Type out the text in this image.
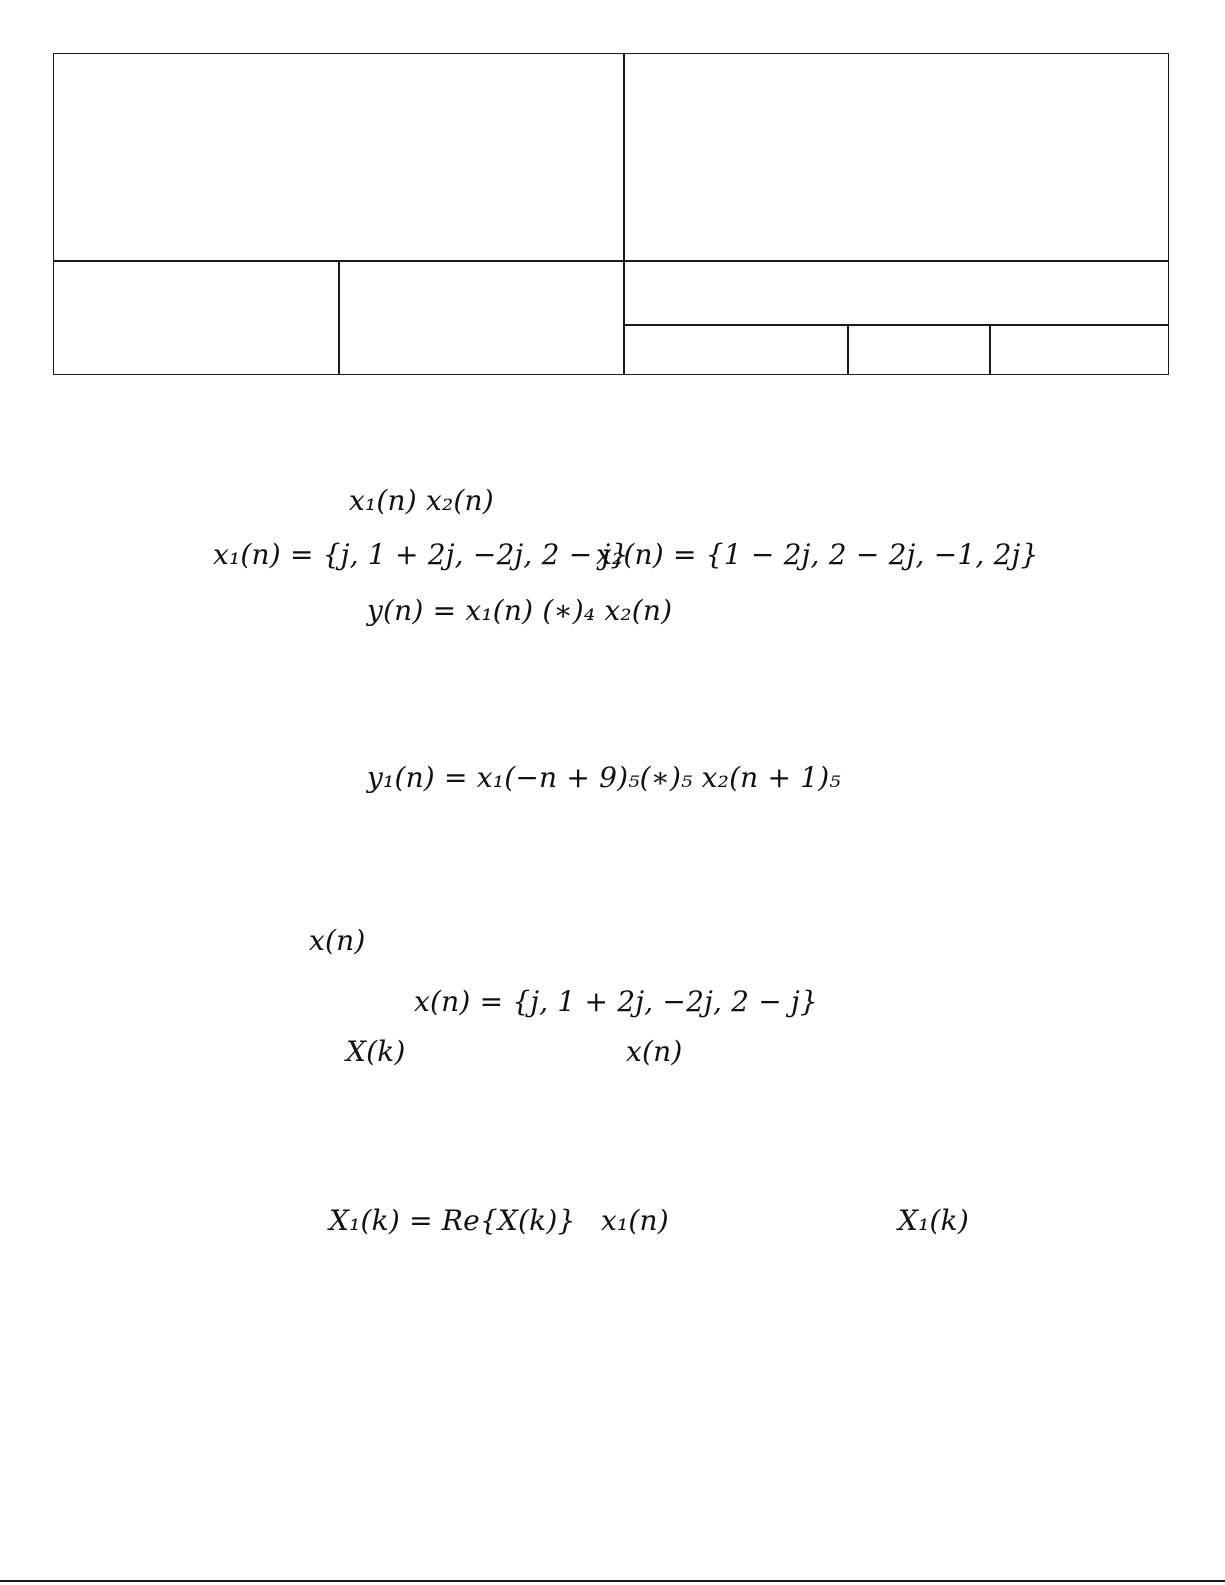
x₁(n) x₂(n)
x₁(n) = {j, 1 + 2j, −2j, 2 − j}
x₂(n) = {1 − 2j, 2 − 2j, −1, 2j}
y(n) = x₁(n) (∗)₄ x₂(n)
y₁(n) = x₁(−n + 9)₅(∗)₅ x₂(n + 1)₅
x(n)
x(n) = {j, 1 + 2j, −2j, 2 − j}
X(k)	x(n)
X₁(k) = Re{X(k)} x₁(n)	X₁(k)
